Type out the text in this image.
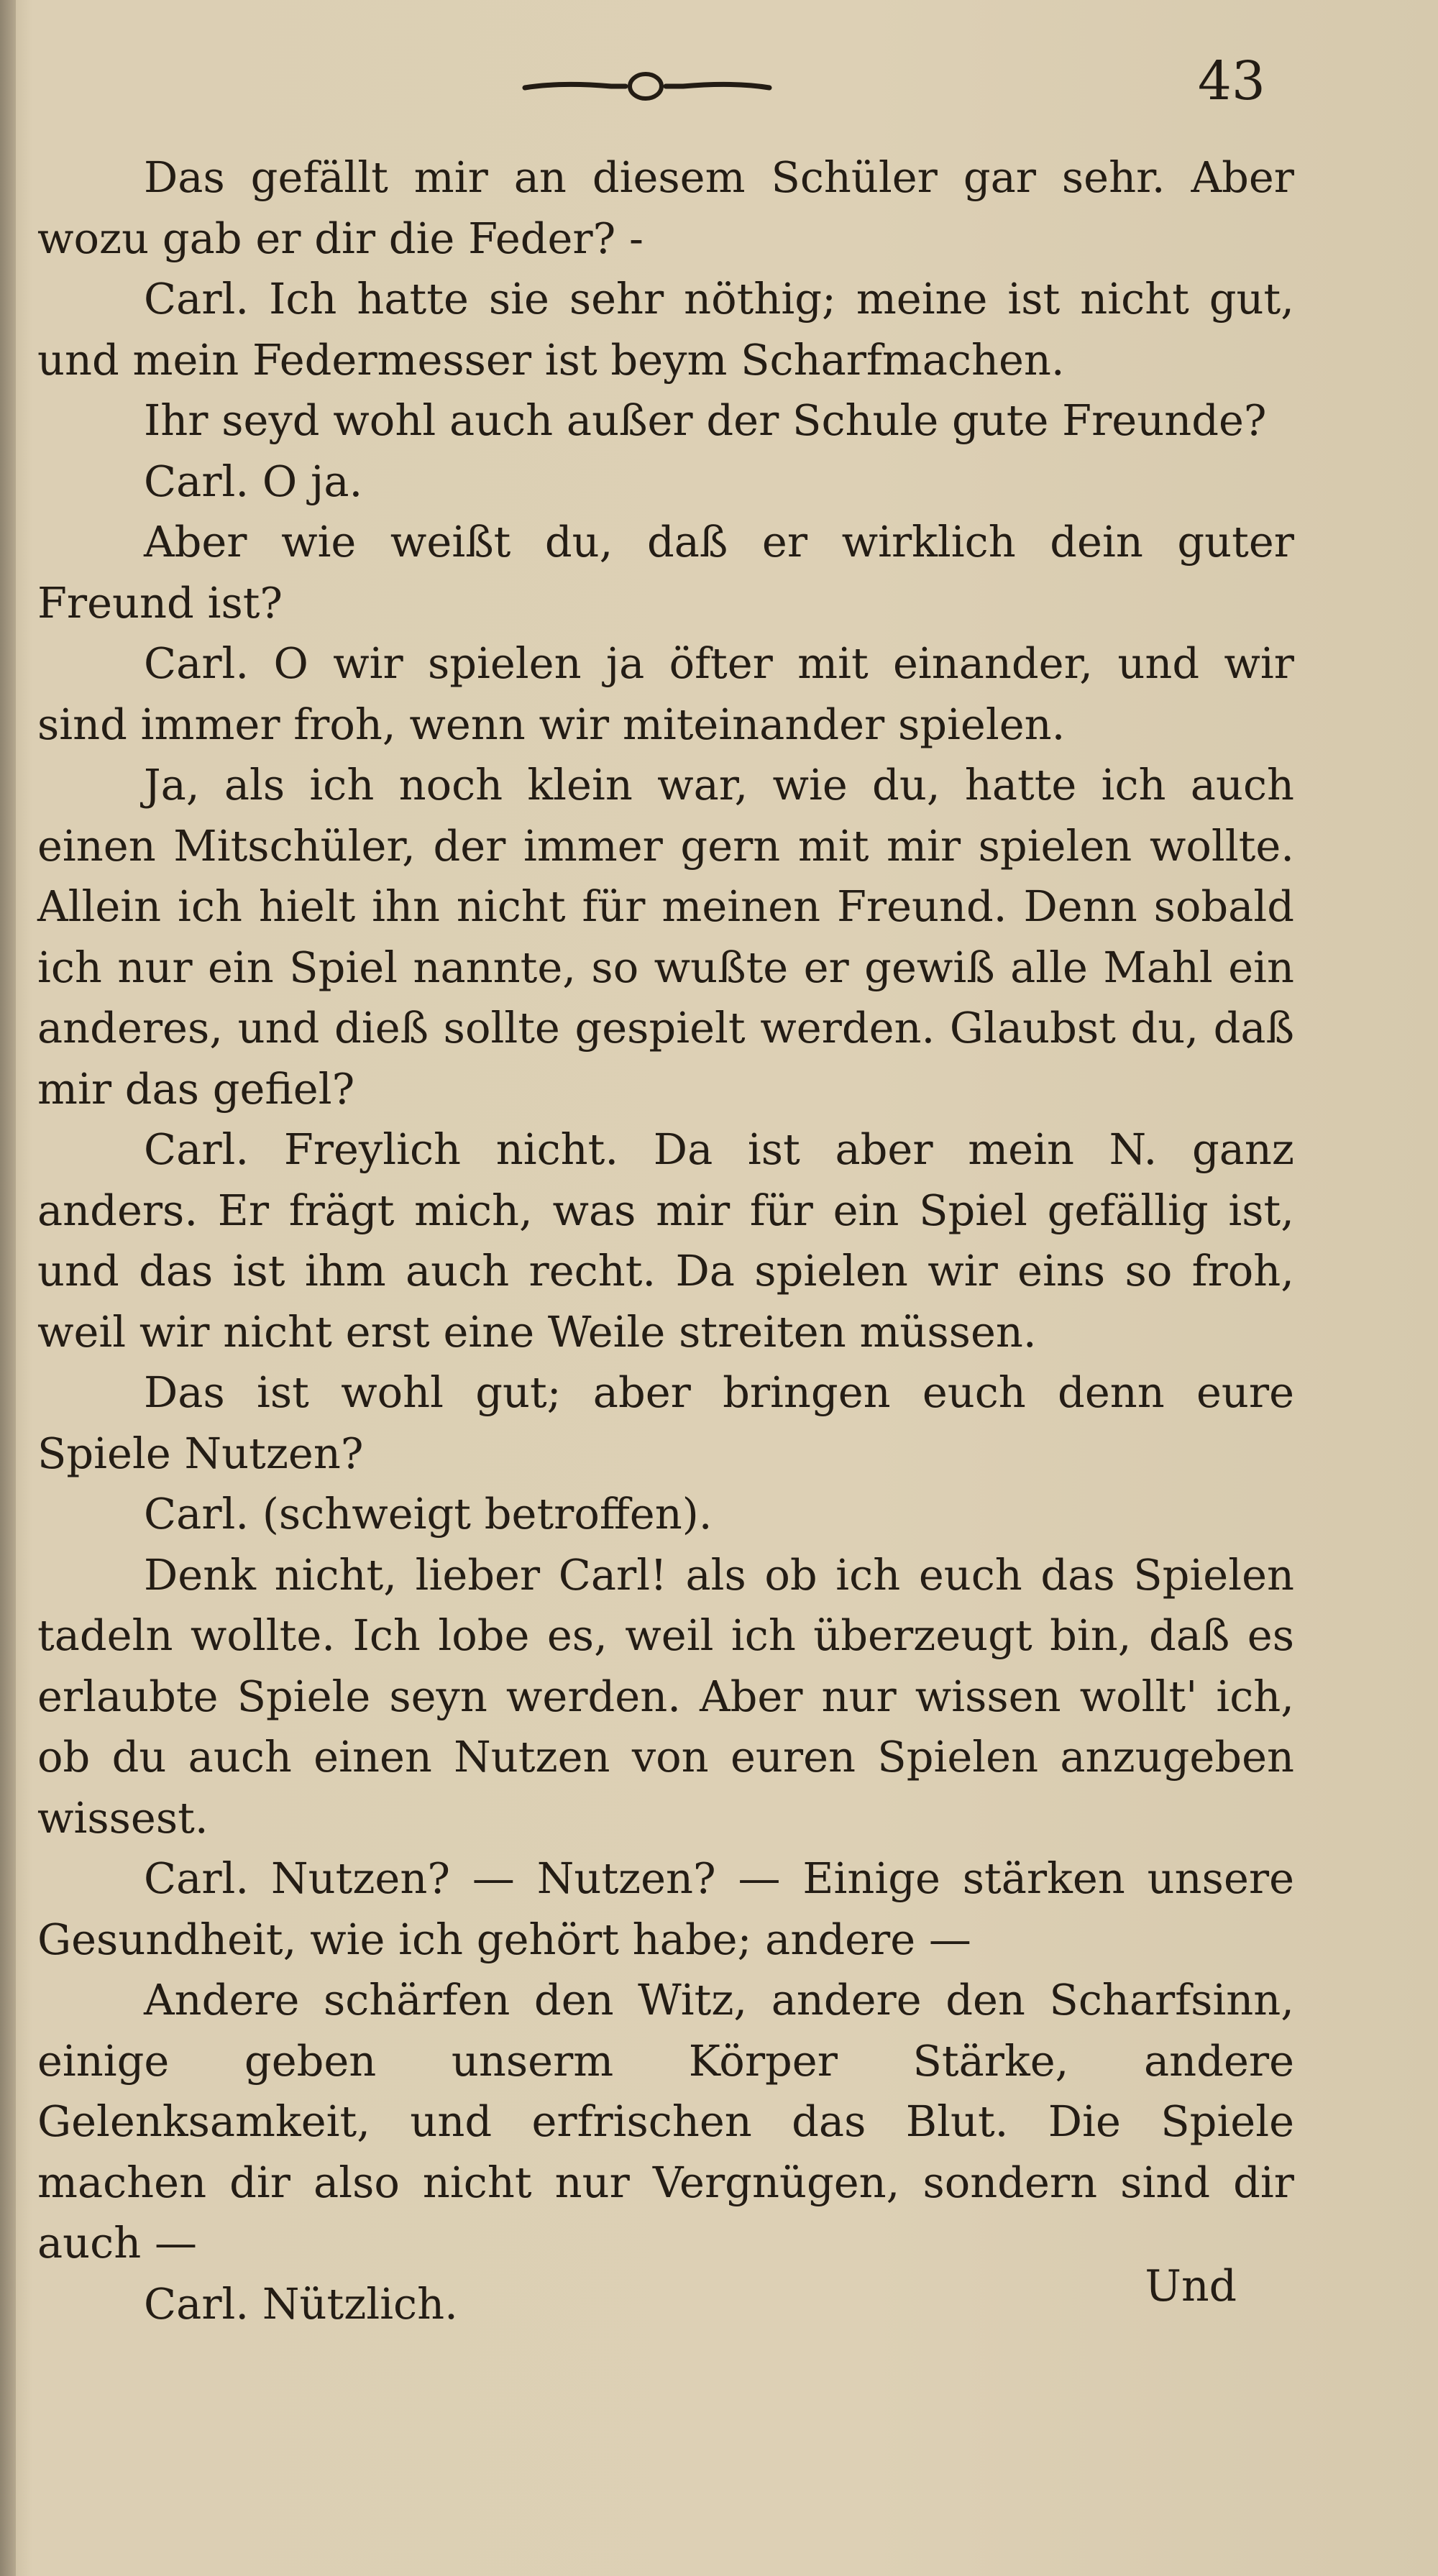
43

Das gefällt mir an diesem Schüler gar sehr. Aber wozu gab er dir die Feder? -

Carl. Ich hatte sie sehr nöthig; meine ist nicht gut, und mein Federmesser ist beym Scharfmachen.

Ihr seyd wohl auch außer der Schule gute Freunde?

Carl. O ja.

Aber wie weißt du, daß er wirklich dein guter Freund ist?

Carl. O wir spielen ja öfter mit einander, und wir sind immer froh, wenn wir miteinander spielen.

Ja, als ich noch klein war, wie du, hatte ich auch einen Mitschüler, der immer gern mit mir spielen wollte. Allein ich hielt ihn nicht für meinen Freund. Denn sobald ich nur ein Spiel nannte, so wußte er gewiß alle Mahl ein anderes, und dieß sollte gespielt werden. Glaubst du, daß mir das gefiel?

Carl. Freylich nicht. Da ist aber mein N. ganz anders. Er frägt mich, was mir für ein Spiel gefällig ist, und das ist ihm auch recht. Da spielen wir eins so froh, weil wir nicht erst eine Weile streiten müssen.

Das ist wohl gut; aber bringen euch denn eure Spiele Nutzen?

Carl. (schweigt betroffen).

Denk nicht, lieber Carl! als ob ich euch das Spielen tadeln wollte. Ich lobe es, weil ich überzeugt bin, daß es erlaubte Spiele seyn werden. Aber nur wissen wollt' ich, ob du auch einen Nutzen von euren Spielen anzugeben wissest.

Carl. Nutzen? — Nutzen? — Einige stärken unsere Gesundheit, wie ich gehört habe; andere —

Andere schärfen den Witz, andere den Scharfsinn, einige geben unserm Körper Stärke, andere Gelenksamkeit, und erfrischen das Blut. Die Spiele machen dir also nicht nur Vergnügen, sondern sind dir auch —

Carl. Nützlich.	Und
